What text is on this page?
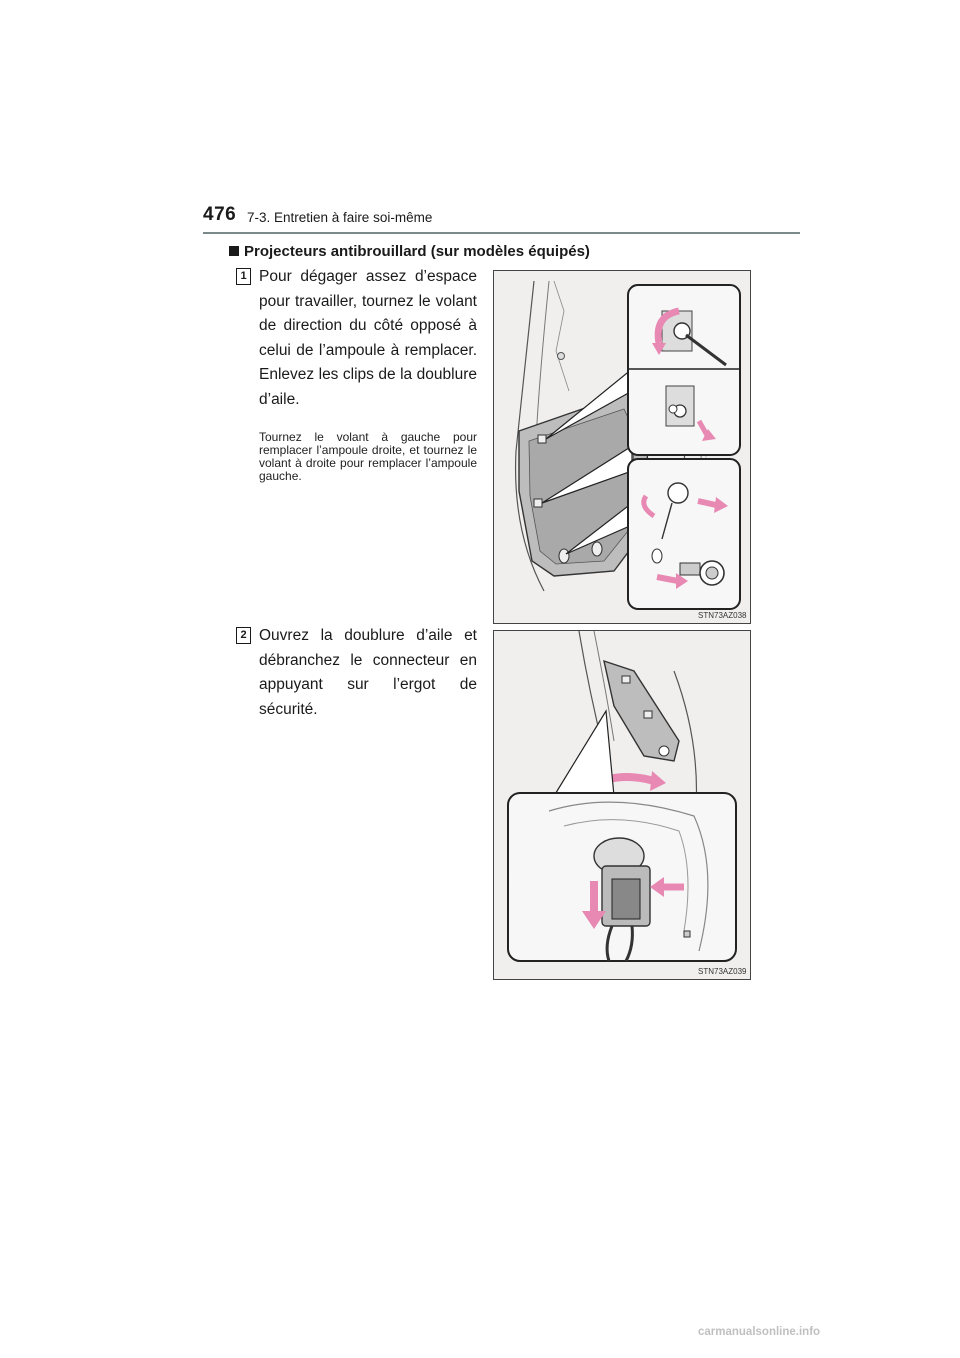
476 7-3. Entretien à faire soi-même
Projecteurs antibrouillard (sur modèles équipés)
1 Pour dégager assez d’espace pour travailler, tournez le volant de direction du côté opposé à celui de l’ampoule à remplacer. Enlevez les clips de la doublure d’aile.
Tournez le volant à gauche pour remplacer l’ampoule droite, et tournez le volant à droite pour remplacer l’ampoule gauche.
STN73AZ038
2 Ouvrez la doublure d’aile et débranchez le connecteur en appuyant sur l’ergot de sécurité.
STN73AZ039
carmanualsonline.info
